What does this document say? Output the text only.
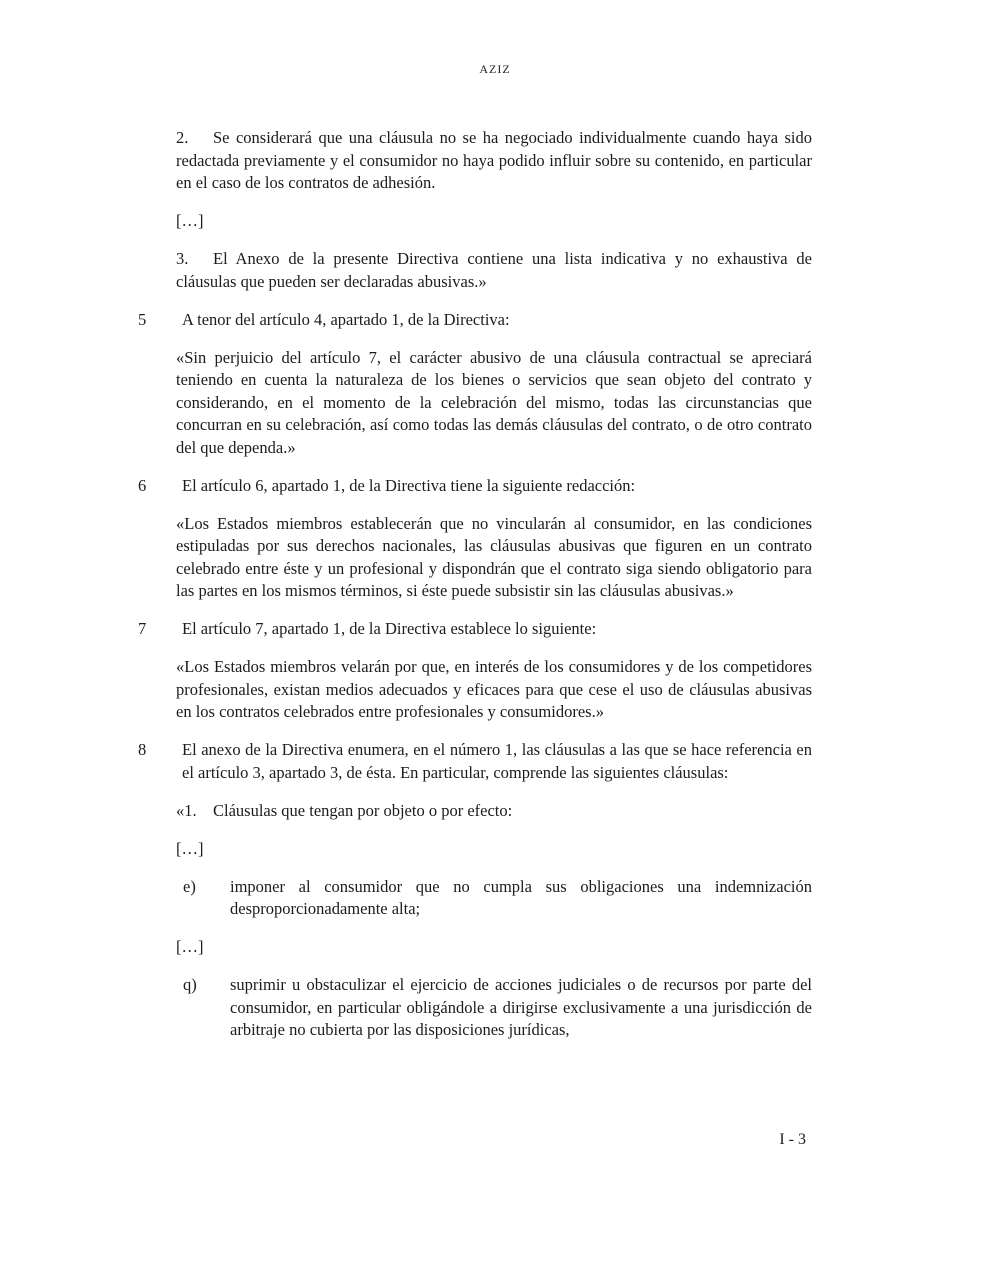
AZIZ

2. Se considerará que una cláusula no se ha negociado individualmente cuando haya sido redactada previamente y el consumidor no haya podido influir sobre su contenido, en particular en el caso de los contratos de adhesión.

[…]

3. El Anexo de la presente Directiva contiene una lista indicativa y no exhaustiva de cláusulas que pueden ser declaradas abusivas.»

5 A tenor del artículo 4, apartado 1, de la Directiva:

«Sin perjuicio del artículo 7, el carácter abusivo de una cláusula contractual se apreciará teniendo en cuenta la naturaleza de los bienes o servicios que sean objeto del contrato y considerando, en el momento de la celebración del mismo, todas las circunstancias que concurran en su celebración, así como todas las demás cláusulas del contrato, o de otro contrato del que dependa.»

6 El artículo 6, apartado 1, de la Directiva tiene la siguiente redacción:

«Los Estados miembros establecerán que no vincularán al consumidor, en las condiciones estipuladas por sus derechos nacionales, las cláusulas abusivas que figuren en un contrato celebrado entre éste y un profesional y dispondrán que el contrato siga siendo obligatorio para las partes en los mismos términos, si éste puede subsistir sin las cláusulas abusivas.»

7 El artículo 7, apartado 1, de la Directiva establece lo siguiente:

«Los Estados miembros velarán por que, en interés de los consumidores y de los competidores profesionales, existan medios adecuados y eficaces para que cese el uso de cláusulas abusivas en los contratos celebrados entre profesionales y consumidores.»

8 El anexo de la Directiva enumera, en el número 1, las cláusulas a las que se hace referencia en el artículo 3, apartado 3, de ésta. En particular, comprende las siguientes cláusulas:

«1. Cláusulas que tengan por objeto o por efecto:

[…]

e) imponer al consumidor que no cumpla sus obligaciones una indemnización desproporcionadamente alta;

[…]

q) suprimir u obstaculizar el ejercicio de acciones judiciales o de recursos por parte del consumidor, en particular obligándole a dirigirse exclusivamente a una jurisdicción de arbitraje no cubierta por las disposiciones jurídicas,

I - 3
